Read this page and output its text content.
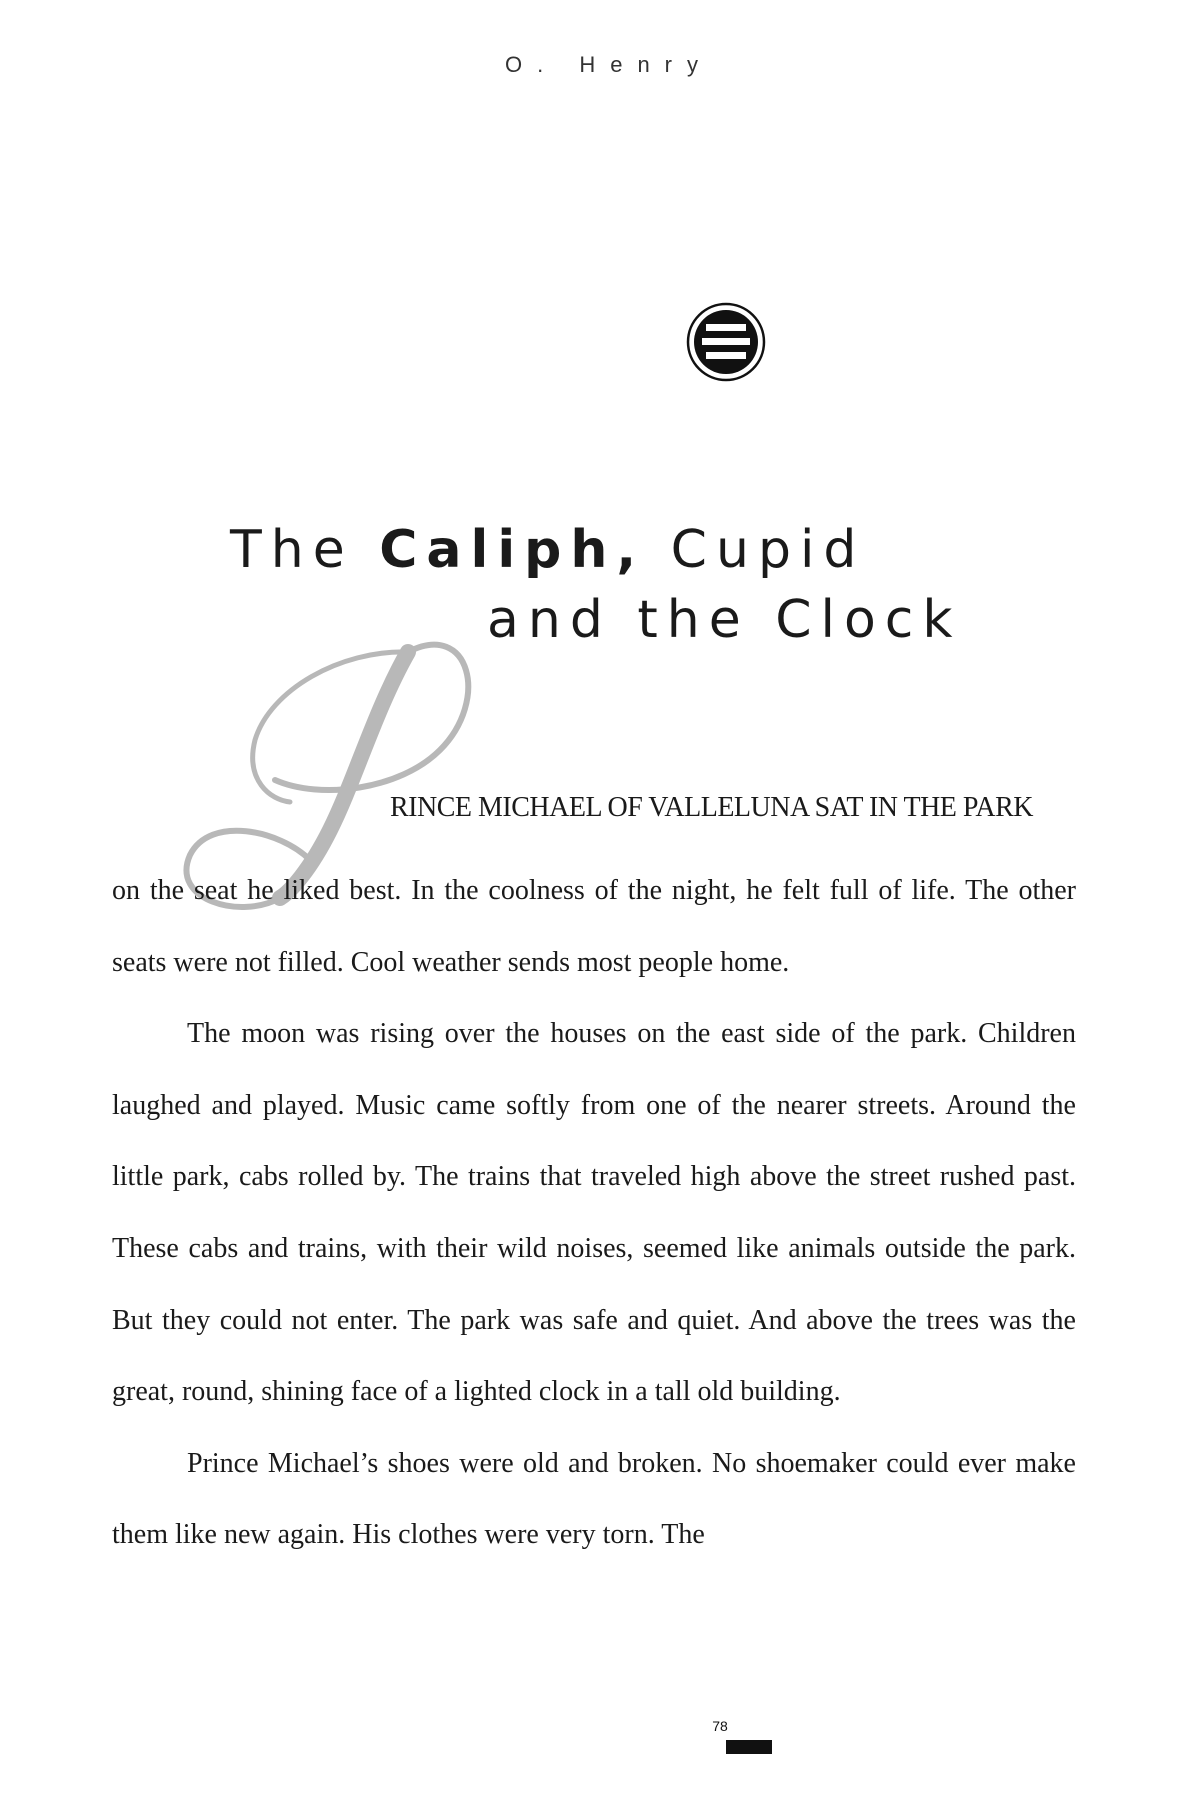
O. Henry
The Caliph, Cupid
and the Clock
RINCE MICHAEL OF VALLELUNA SAT IN THE PARK

on the seat he liked best. In the coolness of the night, he felt full of life. The other seats were not filled. Cool weather sends most people home.

The moon was rising over the houses on the east side of the park. Children laughed and played. Music came softly from one of the nearer streets. Around the little park, cabs rolled by. The trains that traveled high above the street rushed past. These cabs and trains, with their wild noises, seemed like animals outside the park. But they could not enter. The park was safe and quiet. And above the trees was the great, round, shining face of a lighted clock in a tall old building.

Prince Michael’s shoes were old and broken. No shoemaker could ever make them like new again. His clothes were very torn. The

78
